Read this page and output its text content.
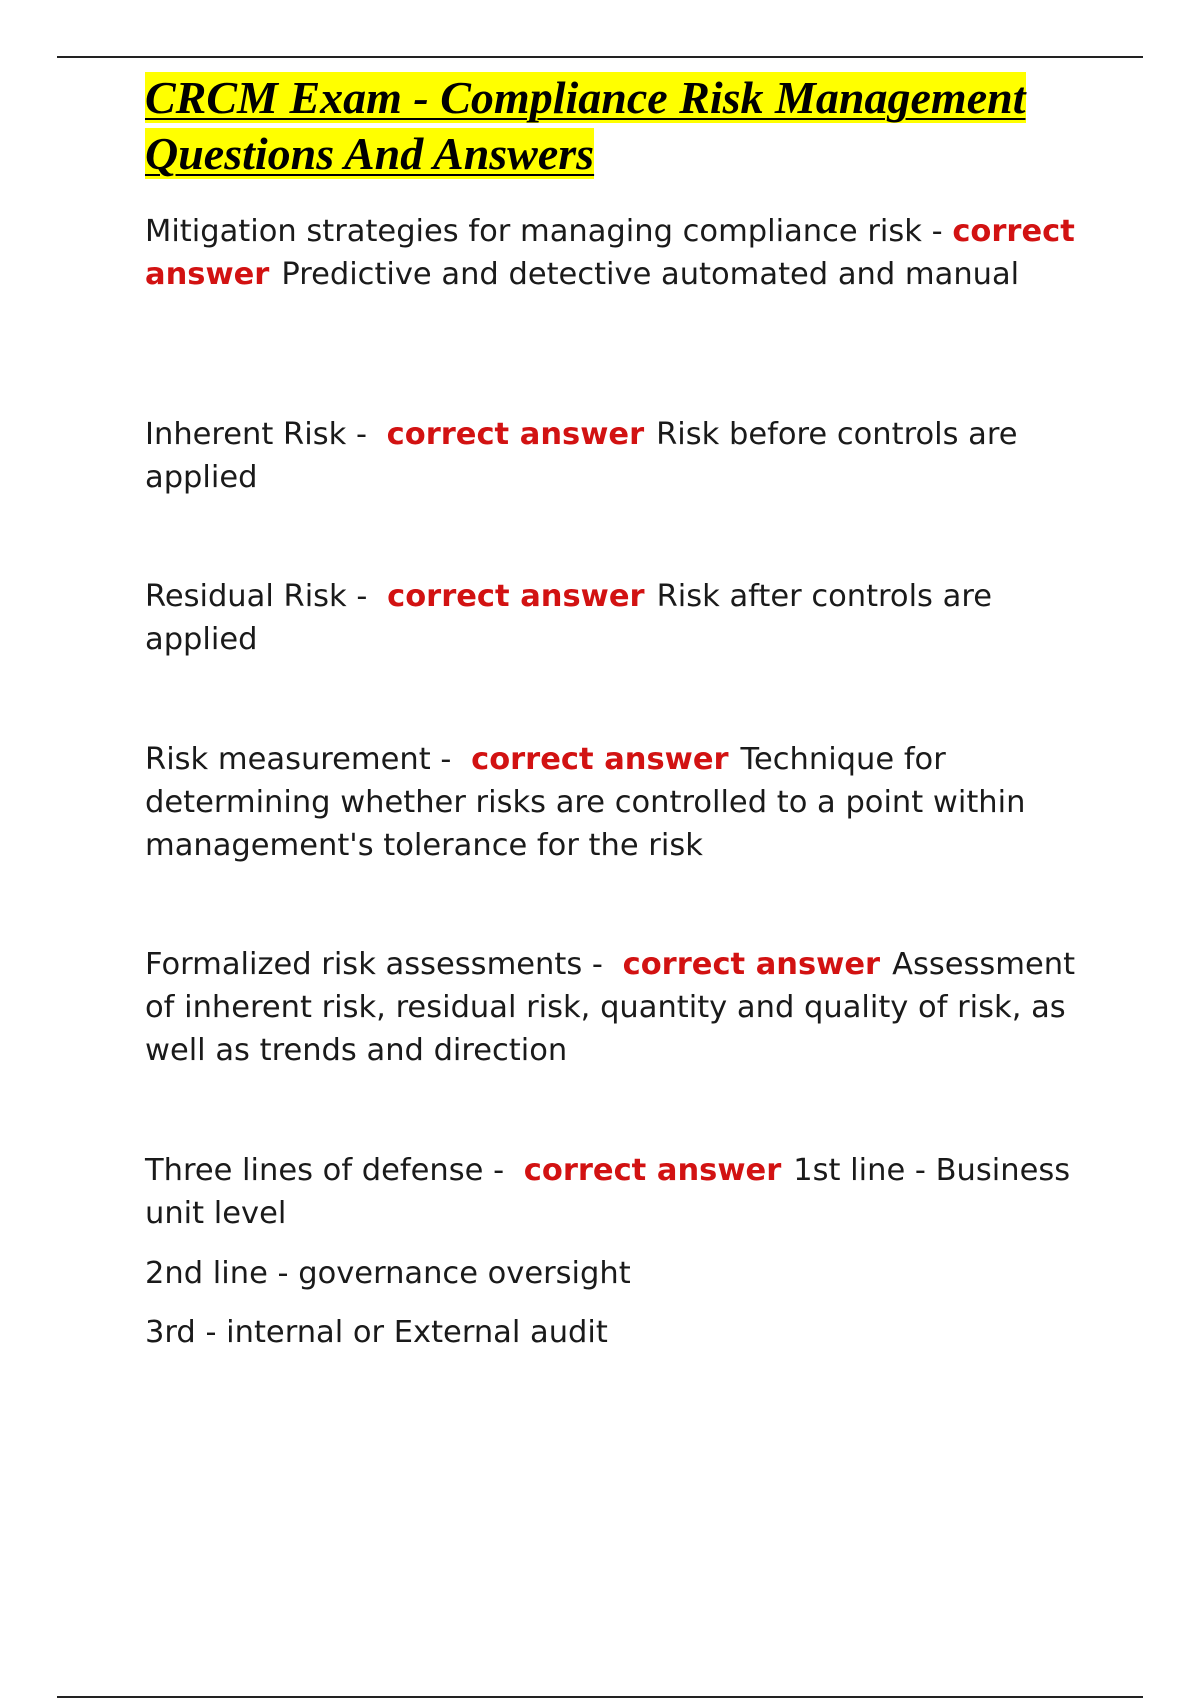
CRCM Exam - Compliance Risk Management Questions And Answers

Mitigation strategies for managing compliance risk - correct answer Predictive and detective automated and manual

Inherent Risk - correct answer Risk before controls are applied

Residual Risk - correct answer Risk after controls are applied

Risk measurement - correct answer Technique for determining whether risks are controlled to a point within management's tolerance for the risk

Formalized risk assessments - correct answer Assessment of inherent risk, residual risk, quantity and quality of risk, as well as trends and direction

Three lines of defense - correct answer 1st line - Business unit level

2nd line - governance oversight

3rd - internal or External audit
